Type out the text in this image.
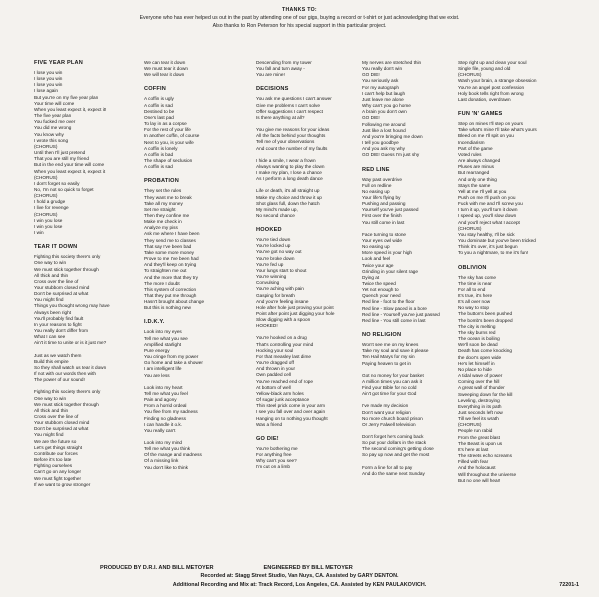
THANKS TO:
Everyone who has ever helped us out in the past by attending one of our gigs, buying a record or t-shirt or just acknowledging that we exist.
Also thanks to Ron Peterson for his special support in this particular project.
FIVE YEAR PLAN
I lose you win
I lose you win
I lose you win
I lose again
But you're on my five year plan
Your time will come
When you least expect it, expect it!
The five year plan
You fucked me over
You did me wrong
You know why
I wrote this song
(CHORUS)
Until then I'll just pretend
That you are still my friend
But in the end your time will come
When you least expect it, expect it
(CHORUS)
I don't forget so easily
No, I'm not so quick to forget
(CHORUS)
I hold a grudge
I live for revenge
(CHORUS)
I win you lose
I win you lose
I win
TEAR IT DOWN
Fighting this society there's only
One way to win
We must stick together through
All thick and thin
Cross over the line of
Your stubborn closed mind
Don't be surprised at what
You might find
Things you thought wrong may have
Always been right
You'll probably find fault
In your reasons to fight
You really don't differ from
What I can see
Ain't it time to unite or is it just me?
Just as we watch them
Build this empire
So they shall watch us tear it down
If not with our words then with
The power of our sound!
Fighting this society there's only
One way to win
We must stick together through
All thick and thin
Cross over the line of
Your stubborn closed mind
Don't be surprised at what
You might find
We are the future so
Let's get things straight
Contribute our forces
Before it's too late
Fighting ourselves
Can't go on any longer
We must fight together
If we want to grow stronger
We can tear it down
We must tear it down
We will tear it down
COFFIN
A coffin is ugly
A coffin is sad
Destined to be
One's last pad
To lay in as a corpse
For the rest of your life
In another coffin, of course
Next to you, is your wife
A coffin is lonely
A coffin is bad
The shape of seclusion
A coffin is sad
PROBATION
They set the rules
They want me to break
Take all my money
Set me straight
Then they confine me
Make me check in
Analyze my piss
Ask me where I have been
They send me to classes
That say I've been bad
Take some more money
Prove to me I've been had
And they'll keep on trying
To straighten me out
And the more that they try
The more I doubt
This system of correction
That they put me through
Hasn't brought about change
But this is nothing new
I.D.K.Y.
Look into my eyes
Tell me what you see
Amplified starlight
Pure energy
You cringe from my power
Go home and take a shower
I am intelligent life
You are less
Look into my heart
Tell me what you feel
Pain and agony
From a horrid ordeal
You flee from my sadness
Finding no gladness
I can handle it o.k.
You really can't
Look into my mind
Tell me what you think
Of the mange and madness
Of a missing link
You don't like to think
Descending from my tower
You fall and turn away -
You are mine!
DECISIONS
You ask me questions I can't answer
Give me problems I can't solve
Offer suggestions I can't respect
Is there anything at all?
You give me reasons for your ideas
All the facts behind your thoughts
Tell me of your observations
And count the number of my faults
I hide a smile, I wear a frown
Always wanting to play the clown
I make my plan, I lose a chance
As I perform a long death dance
Life or death, it's all straight up
Make my choice and throw it up
Shot glass full, down the hatch
My mind's made up,
No second chance
HOOKED
You're tied down
You're locked up
You've got no way out
You're broke down
You're fed up
Your lungs start to shout
You're winning
Convulsing
You're aching with pain
Gasping for breath
And you're feeling insane
Hole after hole just proving your point
Point after point just digging your hole
Slow digging with a spoon
HOOKED!
You're hooked on a drug
That's controlling your mind
Hocking your soul
For that measley last dime
You're dragged off
And thrown in your
Own padded cell
You've reached end of rope
At bottom of well
Yellow-black arm holes
Of sugar junk acceptance
Thin steel prick come in your arm
I see you fall over and over again
Hanging on to nothing you thought
Was a friend
GO DIE!
You're bothering me
For anything free
Why can't you see?
I'm cut on a limb
My nerves are stretched thin
You really don't win
GO DIE!
You seriously ask
For my autograph
I can't help but laugh
Just leave me alone
Why can't you go home
A brain you don't own
GO DIE!
Following me around
Just like a lost hound
And you're bringing me down
I tell you goodbye
And you ask my why
GO DIE! Guess I'm just shy
RED LINE
Way past overdrive
Full on redline
No easing up
Your life's flying by
Pushing and passing
Yourself you've just passed
First over the finish
You still come in last
Face turning to stone
Your eyes owl wide
No easing up
More speed is your high
Look and feel
Twice your age
Grinding in your silent rage
Dying at
Twice the speed
Yet not enough to
Quench your need
Red line - foot to the floor
Red line - Slow paced is a bore
Red line - Yourself you've just passed
Red line - You still come in last
NO RELIGION
Won't see me on my knees
Take my soul and save it please
Ten Hail Marys for my sin
Paying heaven to get in
Got no money for your basket
A million times you can ask it
Find your Bible for no cold
Ain't got time for your God
I've made my decision
Don't want your religion
No more church board prison
Or Jerry Falwell television
Don't forget he's coming back
So put your dollars in the stack
The second coming's getting close
So pay up now and get the most
Form a line for all to pay
And do the same next Sunday
Step right up and clean your soul
Single file, young and old
(CHORUS)
Wash your brain, a strange obsession
You're an angel post confession
Holy book tells right from wrong
Last donation, overdrawn
FUN 'N' GAMES
Step on mines I'll step on yours
Take what's mine I'll take what's yours
Bleed on me I'll spit on you
Incendiarism
Part of the game
Voted rules
Are always changed
Pluses are minus
But rearranged
And only one thing
Stays the same
Yell at me I'll yell at you
Push on me I'll push on you
Fuck with me and I'll screw you
I turn it up, you'll turn it down
I speed up, you'll slow down
And you'll reject what I accept
(CHORUS)
You stay healthy, I'll be sick
You dominate but you've been tricked
Think it's over, it's just begun
To you a nightmare, to me it's fun!
OBLIVION
The sky has come
The time is near
For all to end
It's true, it's here
It's all over now
No way to stop
The button's been pushed
The bomb's been dropped
The city is melting
The sky burns red
The ocean is boiling
We'll soon be dead
Death has come knocking
the door's open wide
He's let himself in
No place to hide
A tidal wave of power
Coming over the hill
A great wall of thunder
Sweeping down for the kill
Leveling, destroying
Everything in its path
Just seconds left now
Till we feel its wrath
(CHORUS)
People run rabid
From the great blast
The Beast is upon us
It's here at last
The streets echo screams
Filled with fear
And the holocaust
Will throughout the universe
But no one will hear!
PRODUCED BY D.R.I. AND BILL METOYER	ENGINEERED BY BILL METOYER
Recorded at: Stagg Street Studio, Van Nuys, CA. Assisted by GARY DENTON.
Additional Recording and Mix at: Track Record, Los Angeles, CA. Assisted by KEN PAULAKOVICH.	72201-1
